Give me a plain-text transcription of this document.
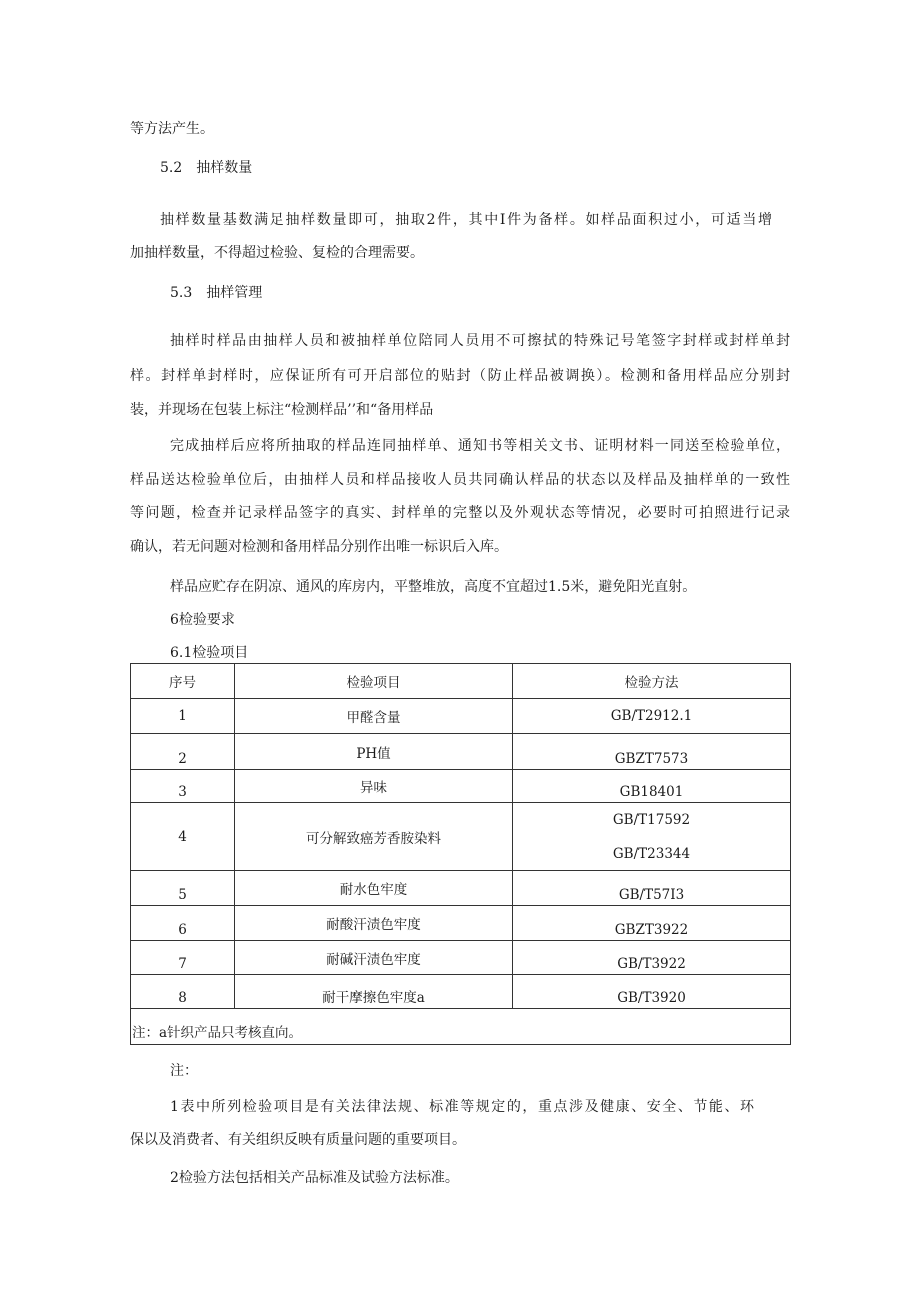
等方法产生。
5.2　抽样数量
抽样数量基数满足抽样数量即可，抽取2件，其中I件为备样。如样品面积过小，可适当增
加抽样数量，不得超过检验、复检的合理需要。
5.3　抽样管理
抽样时样品由抽样人员和被抽样单位陪同人员用不可擦拭的特殊记号笔签字封样或封样单封
样。封样单封样时，应保证所有可开启部位的贴封（防止样品被调换）。检测和备用样品应分别封
装，并现场在包装上标注“检测样品’’和“备用样品
完成抽样后应将所抽取的样品连同抽样单、通知书等相关文书、证明材料一同送至检验单位，
样品送达检验单位后，由抽样人员和样品接收人员共同确认样品的状态以及样品及抽样单的一致性
等问题，检查并记录样品签字的真实、封样单的完整以及外观状态等情况，必要时可拍照进行记录
确认，若无问题对检测和备用样品分别作出唯一标识后入库。
样品应贮存在阴凉、通风的库房内，平整堆放，高度不宜超过1.5米，避免阳光直射。
6检验要求
6.1检验项目
序号	检验项目	检验方法
1	甲醛含量	GB/T2912.1
2	PH值	GBZT7573
3	异味	GB18401
4	可分解致癌芳香胺染料	GB/T17592
GB/T23344

5	耐水色牢度	GB/T57I3
6	耐酸汗渍色牢度	GBZT3922
7	耐碱汗渍色牢度	GB/T3922
8	耐干摩擦色牢度a	GB/T3920
注：a针织产品只考核直向。		
注：
1表中所列检验项目是有关法律法规、标准等规定的，重点涉及健康、安全、节能、环
保以及消费者、有关组织反映有质量问题的重要项目。
2检验方法包括相关产品标准及试验方法标准。
